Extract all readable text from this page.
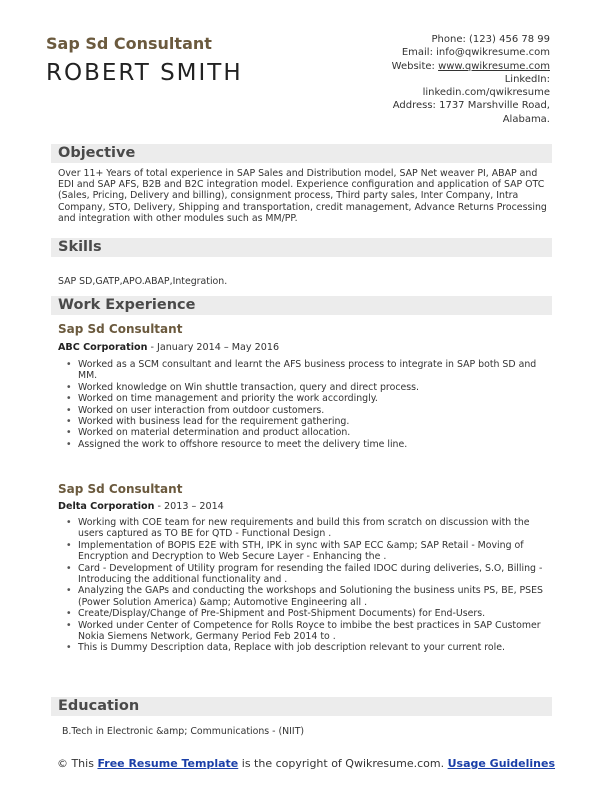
Sap Sd Consultant
ROBERT SMITH
Phone: (123) 456 78 99
Email: info@qwikresume.com
Website: www.qwikresume.com
LinkedIn:
linkedin.com/qwikresume
Address: 1737 Marshville Road,
Alabama.
Objective
Over 11+ Years of total experience in SAP Sales and Distribution model, SAP Net weaver PI, ABAP and EDI and SAP AFS, B2B and B2C integration model. Experience configuration and application of SAP OTC (Sales, Pricing, Delivery and billing), consignment process, Third party sales, Inter Company, Intra Company, STO, Delivery, Shipping and transportation, credit management, Advance Returns Processing and integration with other modules such as MM/PP.
Skills
SAP SD,GATP,APO.ABAP,Integration.
Work Experience
Sap Sd Consultant
ABC Corporation - January 2014 – May 2016
• Worked as a SCM consultant and learnt the AFS business process to integrate in SAP both SD and MM.
• Worked knowledge on Win shuttle transaction, query and direct process.
• Worked on time management and priority the work accordingly.
• Worked on user interaction from outdoor customers.
• Worked with business lead for the requirement gathering.
• Worked on material determination and product allocation.
• Assigned the work to offshore resource to meet the delivery time line.
Sap Sd Consultant
Delta Corporation - 2013 – 2014
• Working with COE team for new requirements and build this from scratch on discussion with the users captured as TO BE for QTD - Functional Design .
• Implementation of BOPIS E2E with STH, IPK in sync with SAP ECC &amp; SAP Retail - Moving of Encryption and Decryption to Web Secure Layer - Enhancing the .
• Card - Development of Utility program for resending the failed IDOC during deliveries, S.O, Billing - Introducing the additional functionality and .
• Analyzing the GAPs and conducting the workshops and Solutioning the business units PS, BE, PSES (Power Solution America) &amp; Automotive Engineering all .
• Create/Display/Change of Pre-Shipment and Post-Shipment Documents) for End-Users.
• Worked under Center of Competence for Rolls Royce to imbibe the best practices in SAP Customer Nokia Siemens Network, Germany Period Feb 2014 to .
• This is Dummy Description data, Replace with job description relevant to your current role.
Education
B.Tech in Electronic &amp; Communications - (NIIT)
© This Free Resume Template is the copyright of Qwikresume.com. Usage Guidelines
